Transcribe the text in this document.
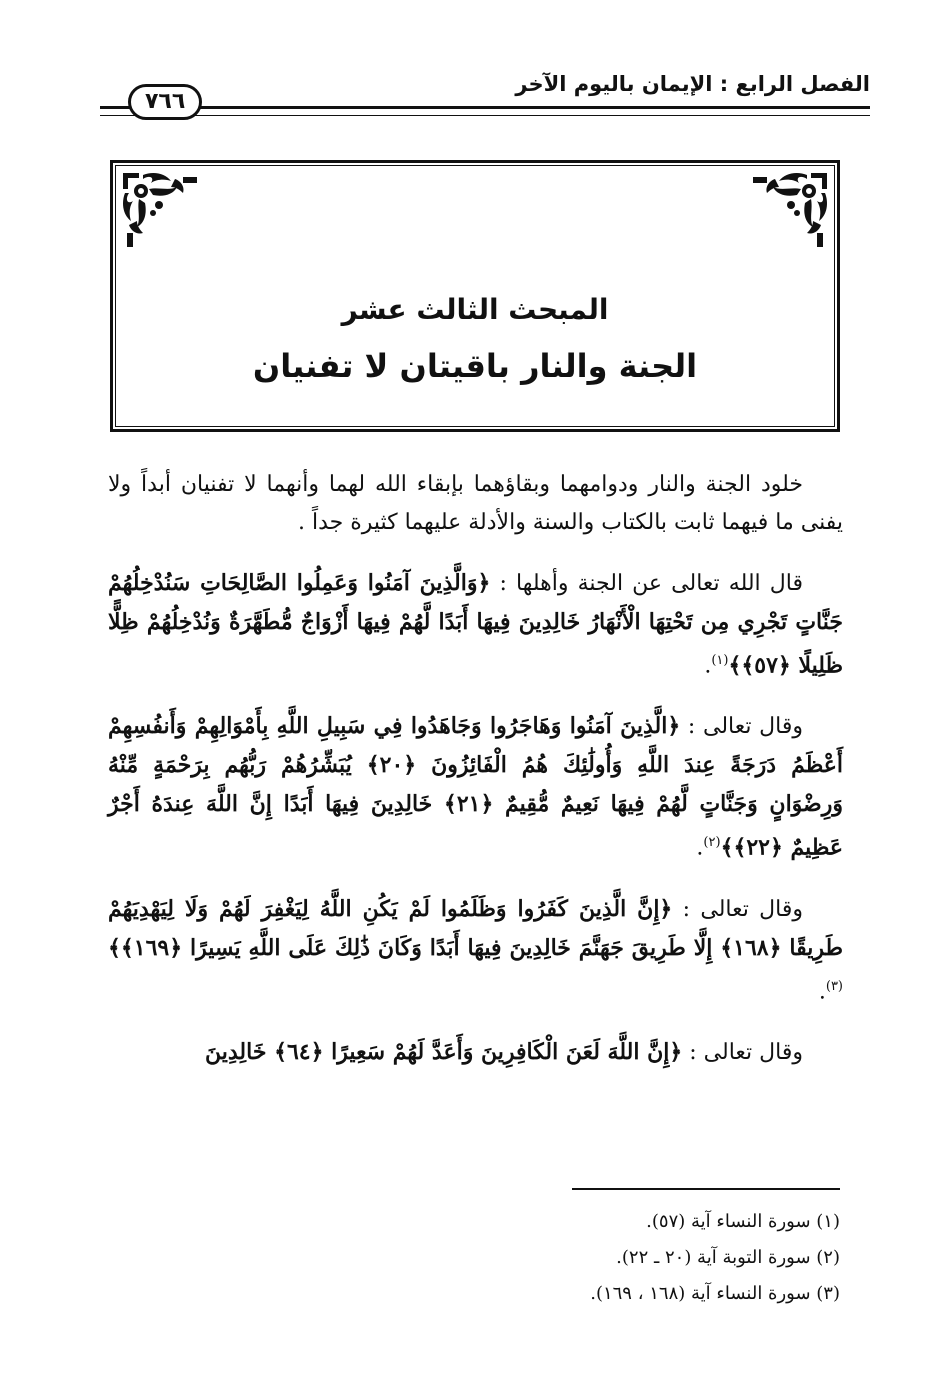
الفصل الرابع : الإيمان باليوم الآخر
٧٦٦
المبحث الثالث عشر
الجنة والنار باقيتان لا تفنيان

خلود الجنة والنار ودوامهما وبقاؤهما بإبقاء الله لهما وأنهما لا تفنيان أبداً ولا يفنى ما فيهما ثابت بالكتاب والسنة والأدلة عليهما كثيرة جداً .

قال الله تعالى عن الجنة وأهلها : ﴿وَالَّذِينَ آمَنُوا وَعَمِلُوا الصَّالِحَاتِ سَنُدْخِلُهُمْ جَنَّاتٍ تَجْرِي مِن تَحْتِهَا الْأَنْهَارُ خَالِدِينَ فِيهَا أَبَدًا لَّهُمْ فِيهَا أَزْوَاجٌ مُّطَهَّرَةٌ وَنُدْخِلُهُمْ ظِلًّا ظَلِيلًا ﴿٥٧﴾﴾$^{(١)}$.

وقال تعالى : ﴿الَّذِينَ آمَنُوا وَهَاجَرُوا وَجَاهَدُوا فِي سَبِيلِ اللَّهِ بِأَمْوَالِهِمْ وَأَنفُسِهِمْ أَعْظَمُ دَرَجَةً عِندَ اللَّهِ وَأُولَٰئِكَ هُمُ الْفَائِزُونَ ﴿٢٠﴾ يُبَشِّرُهُمْ رَبُّهُم بِرَحْمَةٍ مِّنْهُ وَرِضْوَانٍ وَجَنَّاتٍ لَّهُمْ فِيهَا نَعِيمٌ مُّقِيمٌ ﴿٢١﴾ خَالِدِينَ فِيهَا أَبَدًا إِنَّ اللَّهَ عِندَهُ أَجْرٌ عَظِيمٌ ﴿٢٢﴾﴾$^{(٢)}$.

وقال تعالى : ﴿إِنَّ الَّذِينَ كَفَرُوا وَظَلَمُوا لَمْ يَكُنِ اللَّهُ لِيَغْفِرَ لَهُمْ وَلَا لِيَهْدِيَهُمْ طَرِيقًا ﴿١٦٨﴾ إِلَّا طَرِيقَ جَهَنَّمَ خَالِدِينَ فِيهَا أَبَدًا وَكَانَ ذَٰلِكَ عَلَى اللَّهِ يَسِيرًا ﴿١٦٩﴾﴾$^{(٣)}$.

وقال تعالى : ﴿إِنَّ اللَّهَ لَعَنَ الْكَافِرِينَ وَأَعَدَّ لَهُمْ سَعِيرًا ﴿٦٤﴾ خَالِدِينَ

(١) سورة النساء آية (٥٧).
(٢) سورة التوبة آية (٢٠ ـ ٢٢).
(٣) سورة النساء آية (١٦٨ ، ١٦٩).
